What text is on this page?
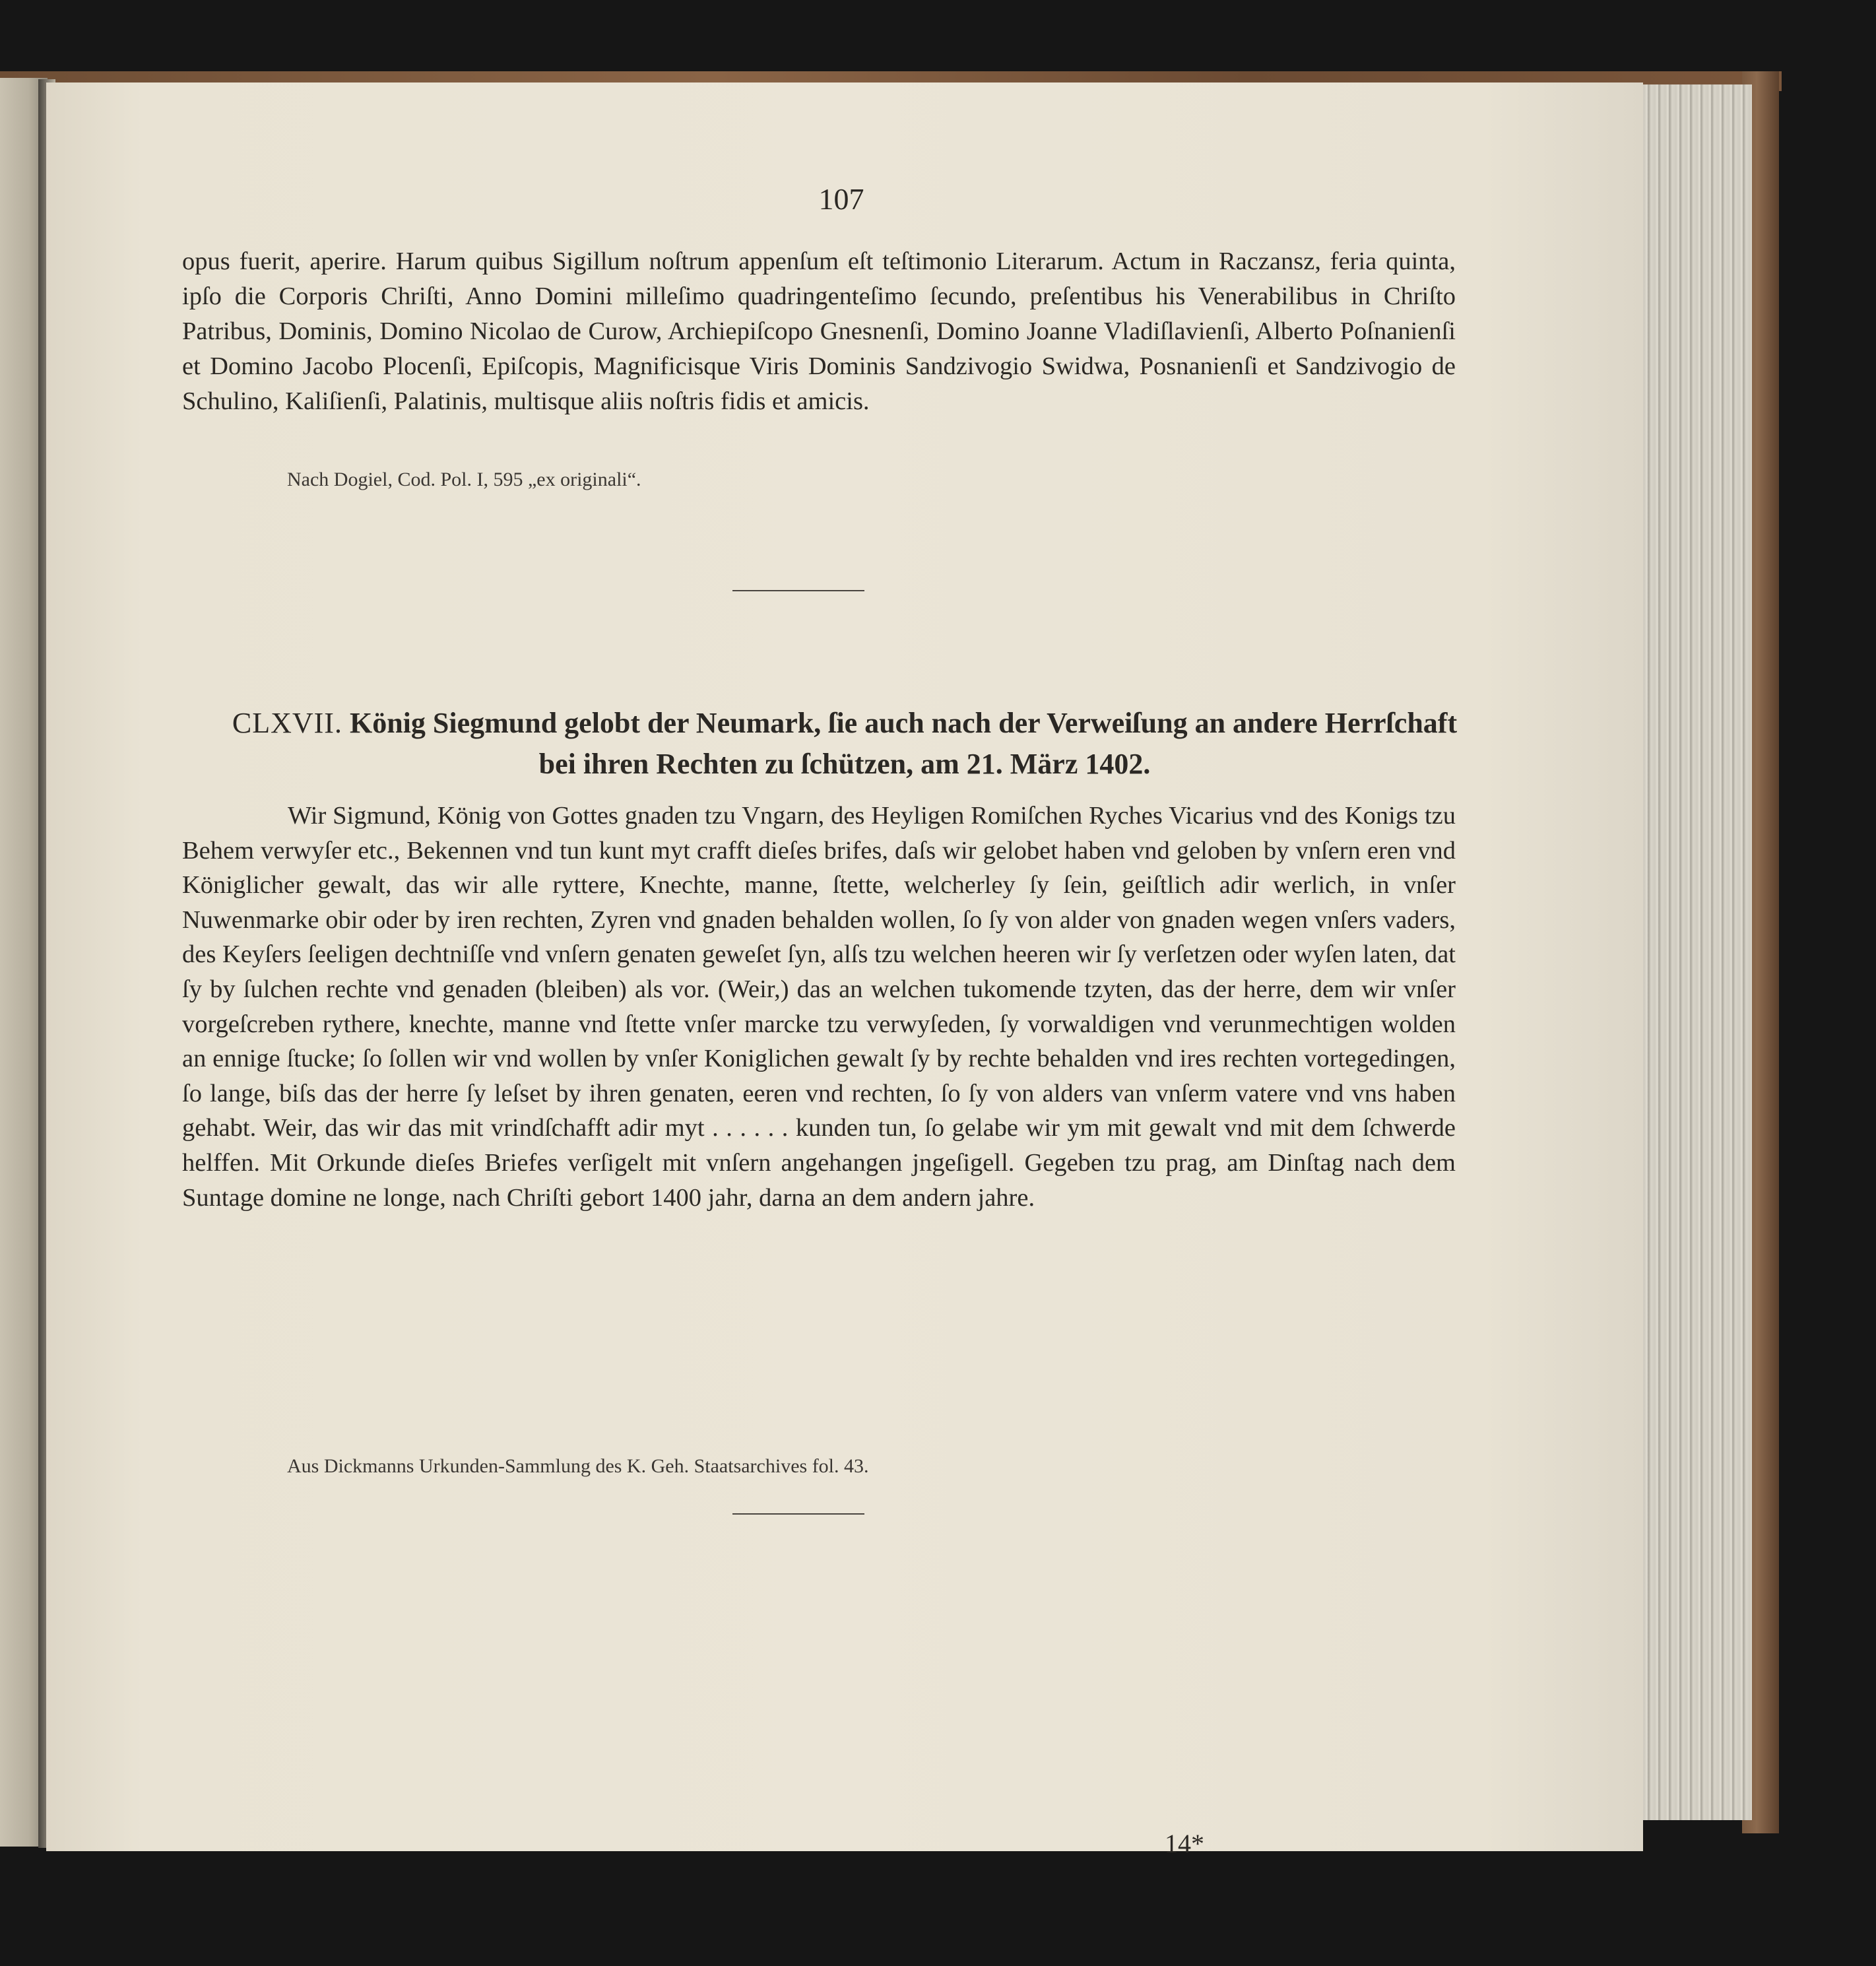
107

opus fuerit, aperire. Harum quibus Sigillum noſtrum appenſum eſt teſtimonio Literarum. Actum in Raczansz, feria quinta, ipſo die Corporis Chriſti, Anno Domini milleſimo quadringenteſimo ſecundo, preſentibus his Venerabilibus in Chriſto Patribus, Dominis, Domino Nicolao de Curow, Archiepiſcopo Gnesnenſi, Domino Joanne Vladiſlavienſi, Alberto Poſnanienſi et Domino Jacobo Plocenſi, Epiſcopis, Magnificisque Viris Dominis Sandzivogio Swidwa, Posnanienſi et Sandzivogio de Schulino, Kaliſienſi, Palatinis, multisque aliis noſtris fidis et amicis.

Nach Dogiel, Cod. Pol. I, 595 „ex originali“.
CLXVII. König Siegmund gelobt der Neumark, ſie auch nach der Verweiſung an andere Herrſchaft bei ihren Rechten zu ſchützen, am 21. März 1402.

Wir Sigmund, König von Gottes gnaden tzu Vngarn, des Heyligen Romiſchen Ryches Vicarius vnd des Konigs tzu Behem verwyſer etc., Bekennen vnd tun kunt myt crafft dieſes brifes, daſs wir gelobet haben vnd geloben by vnſern eren vnd Königlicher gewalt, das wir alle ryttere, Knechte, manne, ſtette, welcherley ſy ſein, geiſtlich adir werlich, in vnſer Nuwenmarke obir oder by iren rechten, Zyren vnd gnaden behalden wollen, ſo ſy von alder von gnaden wegen vnſers vaders, des Keyſers ſeeligen dechtniſſe vnd vnſern genaten geweſet ſyn, alſs tzu welchen heeren wir ſy verſetzen oder wyſen laten, dat ſy by ſulchen rechte vnd genaden (bleiben) als vor. (Weir,) das an welchen tukomende tzyten, das der herre, dem wir vnſer vorgeſcreben rythere, knechte, manne vnd ſtette vnſer marcke tzu verwyſeden, ſy vorwaldigen vnd verunmechtigen wolden an ennige ſtucke; ſo ſollen wir vnd wollen by vnſer Koniglichen gewalt ſy by rechte behalden vnd ires rechten vortegedingen, ſo lange, biſs das der herre ſy leſset by ihren genaten, eeren vnd rechten, ſo ſy von alders van vnſerm vatere vnd vns haben gehabt. Weir, das wir das mit vrindſchafft adir myt . . . . . . kunden tun, ſo gelabe wir ym mit gewalt vnd mit dem ſchwerde helffen. Mit Orkunde dieſes Briefes verſigelt mit vnſern angehangen jngeſigell. Gegeben tzu prag, am Dinſtag nach dem Suntage domine ne longe, nach Chriſti gebort 1400 jahr, darna an dem andern jahre.

Aus Dickmanns Urkunden-Sammlung des K. Geh. Staatsarchives fol. 43.
14*
